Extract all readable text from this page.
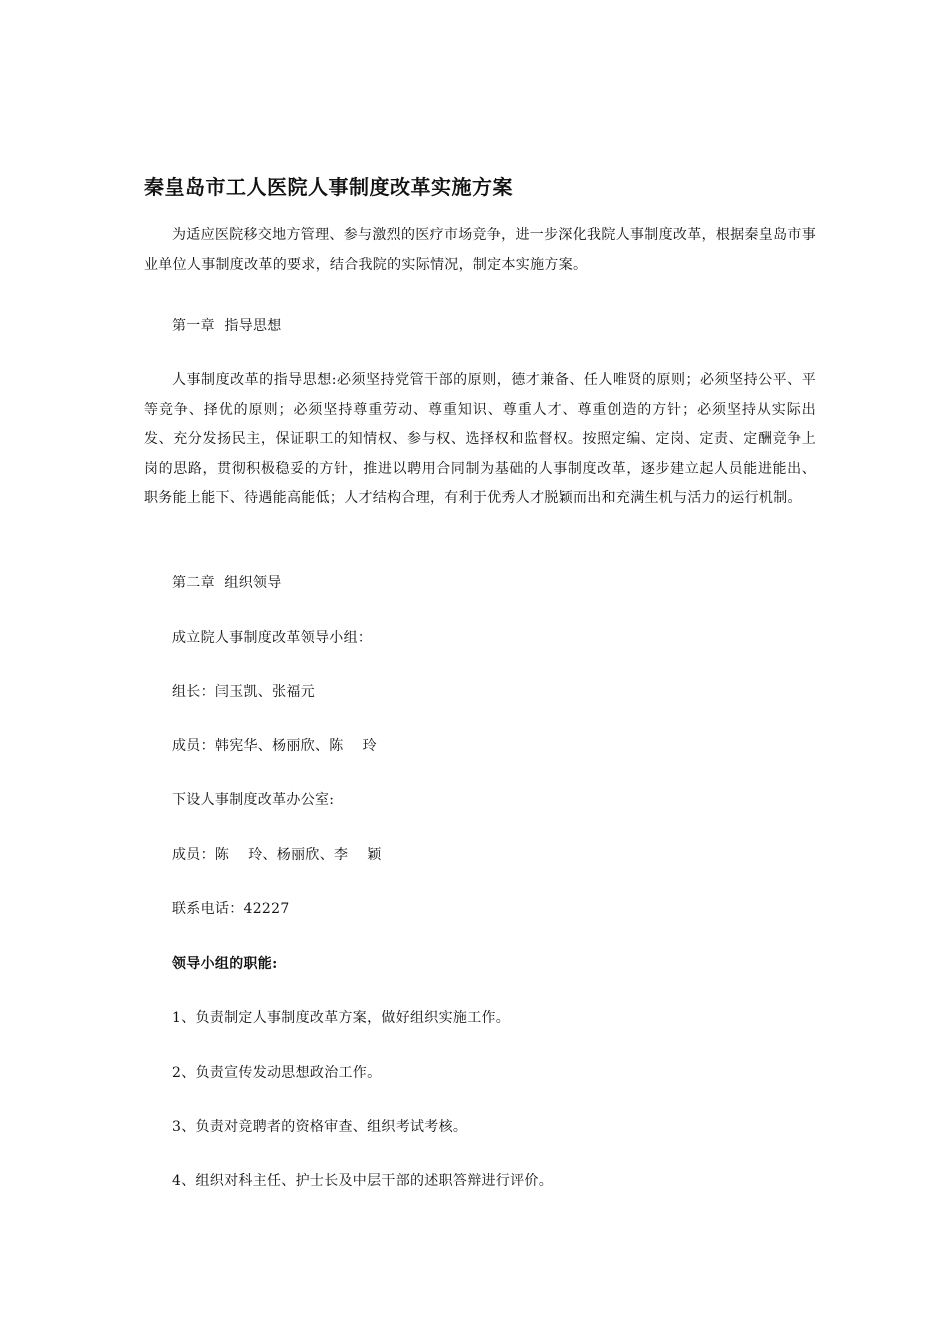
秦皇岛市工人医院人事制度改革实施方案
为适应医院移交地方管理、参与激烈的医疗市场竞争，进一步深化我院人事制度改革，根据秦皇岛市事业单位人事制度改革的要求，结合我院的实际情况，制定本实施方案。
第一章  指导思想
人事制度改革的指导思想:必须坚持党管干部的原则，德才兼备、任人唯贤的原则；必须坚持公平、平等竞争、择优的原则；必须坚持尊重劳动、尊重知识、尊重人才、尊重创造的方针；必须坚持从实际出发、充分发扬民主，保证职工的知情权、参与权、选择权和监督权。按照定编、定岗、定责、定酬竞争上岗的思路，贯彻积极稳妥的方针，推进以聘用合同制为基础的人事制度改革，逐步建立起人员能进能出、职务能上能下、待遇能高能低；人才结构合理，有利于优秀人才脱颖而出和充满生机与活力的运行机制。
第二章  组织领导
成立院人事制度改革领导小组：
组长：闫玉凯、张福元
成员：韩宪华、杨丽欣、陈    玲
下设人事制度改革办公室:
成员：陈    玲、杨丽欣、李    颖
联系电话：42227
领导小组的职能:
1、负责制定人事制度改革方案，做好组织实施工作。
2、负责宣传发动思想政治工作。
3、负责对竞聘者的资格审查、组织考试考核。
4、组织对科主任、护士长及中层干部的述职答辩进行评价。
